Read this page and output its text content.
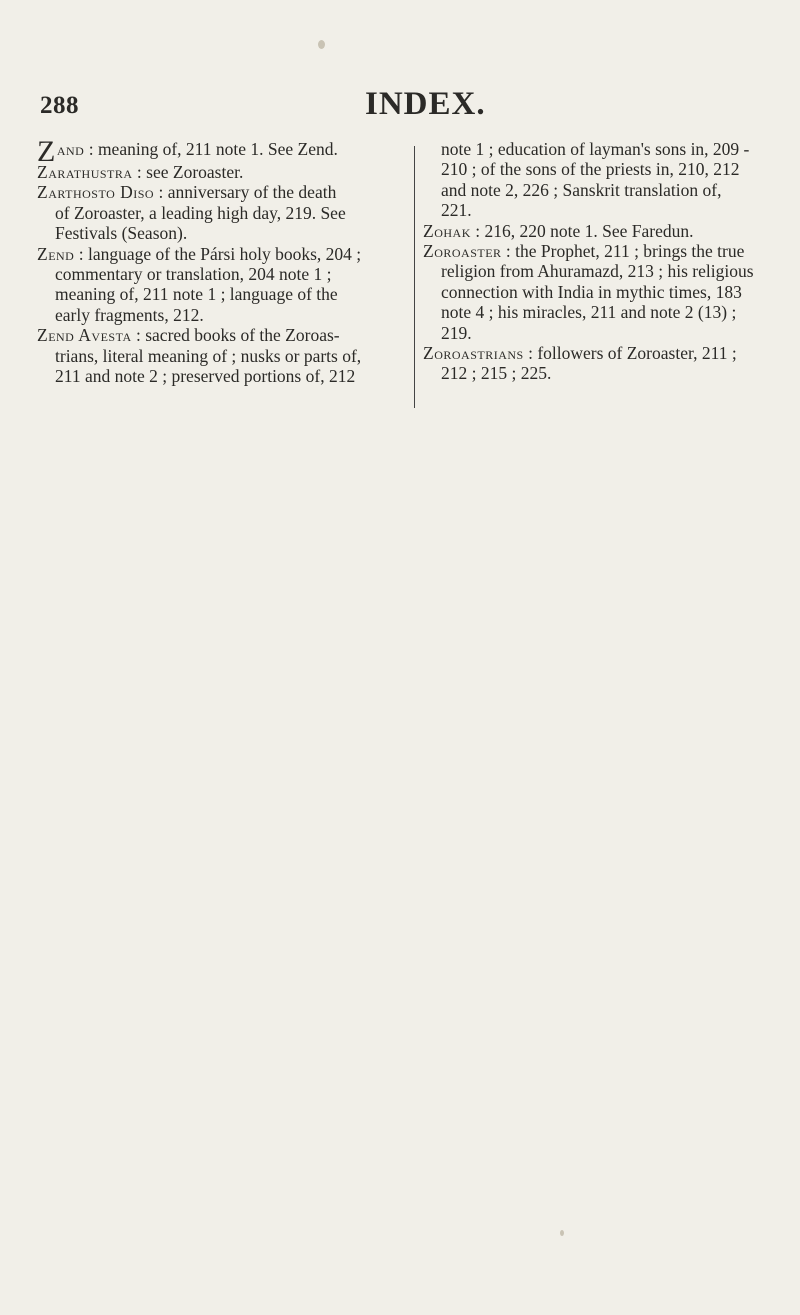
288	INDEX.

Zand : meaning of, 211 note 1. See Zend.

Zarathustra : see Zoroaster.

Zarthosto Diso : anniversary of the death
of Zoroaster, a leading high day, 219. See
Festivals (Season).

Zend : language of the Pársi holy books, 204 ;
commentary or translation, 204 note 1 ;
meaning of, 211 note 1 ; language of the
early fragments, 212.

Zend Avesta : sacred books of the Zoroas-
trians, literal meaning of ; nusks or parts of,
211 and note 2 ; preserved portions of, 212

note 1 ; education of layman's sons in, 209 -
210 ; of the sons of the priests in, 210, 212
and note 2, 226 ; Sanskrit translation of,
221.

Zohak : 216, 220 note 1. See Faredun.

Zoroaster : the Prophet, 211 ; brings the true
religion from Ahuramazd, 213 ; his religious
connection with India in mythic times, 183
note 4 ; his miracles, 211 and note 2 (13) ;
219.

Zoroastrians : followers of Zoroaster, 211 ;
212 ; 215 ; 225.
